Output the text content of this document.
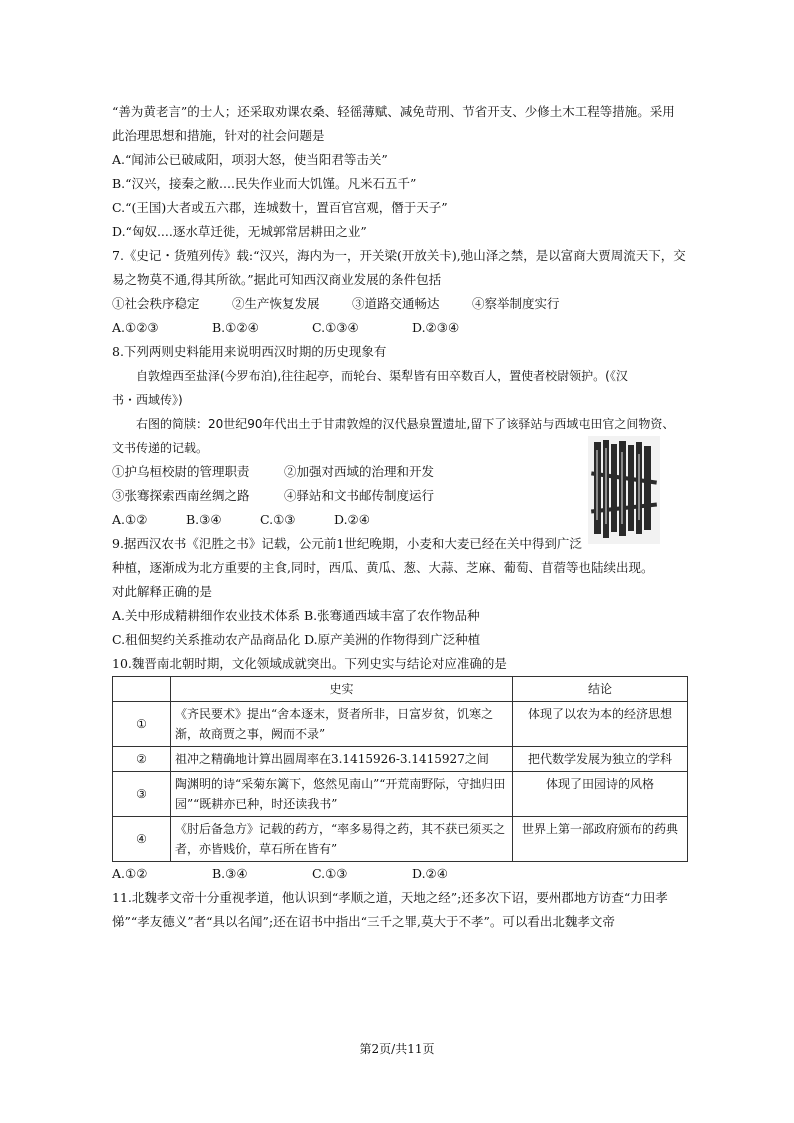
“善为黄老言”的士人；还采取劝课农桑、轻徭薄赋、减免苛刑、节省开支、少修土木工程等措施。采用
此治理思想和措施，针对的社会问题是
A.“闻沛公已破咸阳，项羽大怒，使当阳君等击关”
B.“汉兴，接秦之敝....民失作业而大饥馑。凡米石五千”
C.“(王国)大者或五六郡，连城数十，置百官宫观，僭于天子”
D.“匈奴....逐水草迁徙，无城郭常居耕田之业”
7.《史记・货殖列传》载:“汉兴，海内为一，开关梁(开放关卡),弛山泽之禁，是以富商大贾周流天下，交
易之物莫不通,得其所欲。”据此可知西汉商业发展的条件包括
①社会秩序稳定	②生产恢复发展	③道路交通畅达	④察举制度实行
A.①②③	B.①②④	C.①③④	D.②③④
8.下列两则史料能用来说明西汉时期的历史现象有
自敦煌西至盐泽(今罗布泊),往往起亭，而轮台、渠犁皆有田卒数百人，置使者校尉领护。(《汉
书・西域传》)
右图的简牍：20世纪90年代出土于甘肃敦煌的汉代悬泉置遗址,留下了该驿站与西域屯田官之间物资、
文书传递的记载。
①护乌桓校尉的管理职责	②加强对西域的治理和开发
③张骞探索西南丝绸之路	④驿站和文书邮传制度运行
A.①②	B.③④	C.①③	D.②④
9.据西汉农书《氾胜之书》记载，公元前1世纪晚期，小麦和大麦已经在关中得到广泛
种植，逐渐成为北方重要的主食,同时，西瓜、黄瓜、葱、大蒜、芝麻、葡萄、苜蓿等也陆续出现。
对此解释正确的是
A.关中形成精耕细作农业技术体系 B.张骞通西域丰富了农作物品种
C.租佃契约关系推动农产品商品化 D.原产美洲的作物得到广泛种植
10.魏晋南北朝时期，文化领域成就突出。下列史实与结论对应准确的是
	史实	结论
①	《齐民要术》提出“舍本逐末，贤者所非，日富岁贫，饥寒之渐，故商贾之事，阙而不录”	体现了以农为本的经济思想
②	祖冲之精确地计算出圆周率在3.1415926-3.1415927之间	把代数学发展为独立的学科
③	陶渊明的诗“采菊东篱下，悠然见南山”“开荒南野际，守拙归田园”“既耕亦已种，时还读我书”	体现了田园诗的风格
④	《肘后备急方》记载的药方，“率多易得之药，其不获已须买之者，亦皆贱价，草石所在皆有”	世界上第一部政府颁布的药典
A.①②	B.③④	C.①③	D.②④
11.北魏孝文帝十分重视孝道，他认识到“孝顺之道，天地之经”;还多次下诏，要州郡地方访查“力田孝
悌”“孝友德义”者“具以名闻”;还在诏书中指出“三千之罪,莫大于不孝”。可以看出北魏孝文帝
第2页/共11页
